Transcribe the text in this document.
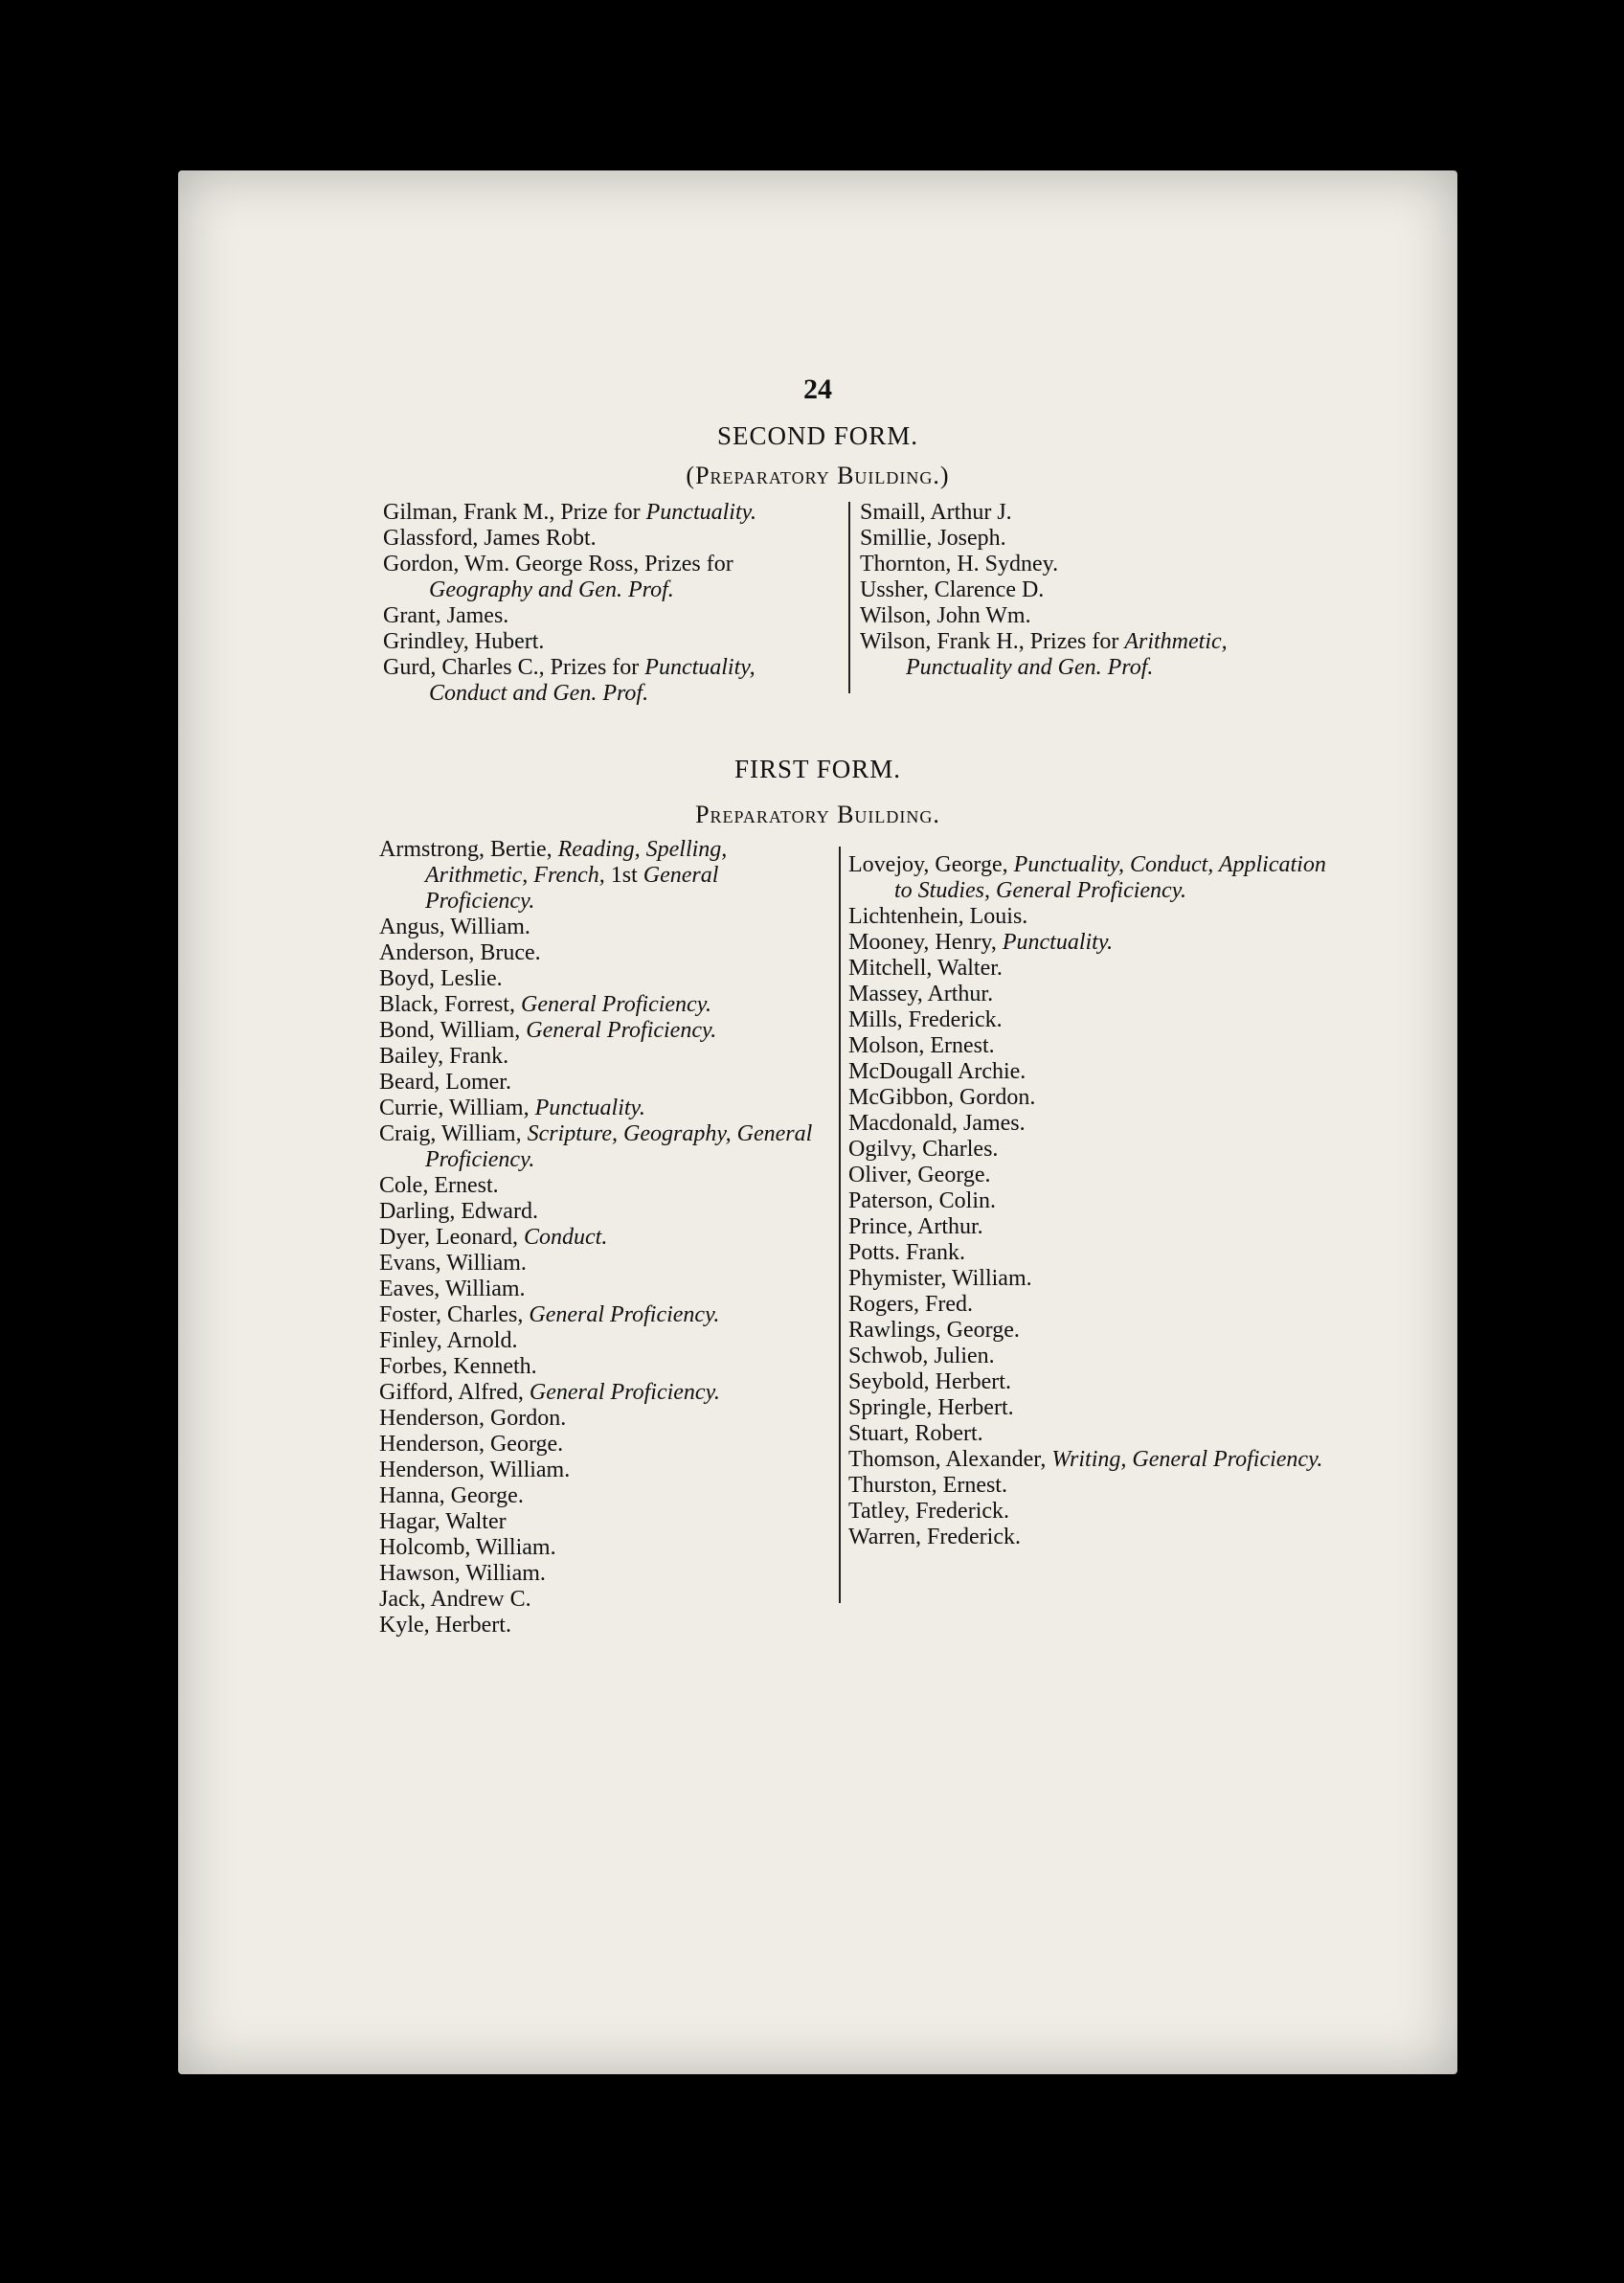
24
SECOND FORM.
(Preparatory Building.)
Gilman, Frank M., Prize for Punctuality.
Glassford, James Robt.
Gordon, Wm. George Ross, Prizes for Geography and Gen. Prof.
Grant, James.
Grindley, Hubert.
Gurd, Charles C., Prizes for Punctuality, Conduct and Gen. Prof.
Smaill, Arthur J.
Smillie, Joseph.
Thornton, H. Sydney.
Ussher, Clarence D.
Wilson, John Wm.
Wilson, Frank H., Prizes for Arithmetic, Punctuality and Gen. Prof.
FIRST FORM.
Preparatory Building.
Armstrong, Bertie, Reading, Spelling, Arithmetic, French, 1st General Proficiency.
Angus, William.
Anderson, Bruce.
Boyd, Leslie.
Black, Forrest, General Proficiency.
Bond, William, General Proficiency.
Bailey, Frank.
Beard, Lomer.
Currie, William, Punctuality.
Craig, William, Scripture, Geography, General Proficiency.
Cole, Ernest.
Darling, Edward.
Dyer, Leonard, Conduct.
Evans, William.
Eaves, William.
Foster, Charles, General Proficiency.
Finley, Arnold.
Forbes, Kenneth.
Gifford, Alfred, General Proficiency.
Henderson, Gordon.
Henderson, George.
Henderson, William.
Hanna, George.
Hagar, Walter
Holcomb, William.
Hawson, William.
Jack, Andrew C.
Kyle, Herbert.
Lovejoy, George, Punctuality, Conduct, Application to Studies, General Proficiency.
Lichtenhein, Louis.
Mooney, Henry, Punctuality.
Mitchell, Walter.
Massey, Arthur.
Mills, Frederick.
Molson, Ernest.
McDougall Archie.
McGibbon, Gordon.
Macdonald, James.
Ogilvy, Charles.
Oliver, George.
Paterson, Colin.
Prince, Arthur.
Potts. Frank.
Phymister, William.
Rogers, Fred.
Rawlings, George.
Schwob, Julien.
Seybold, Herbert.
Springle, Herbert.
Stuart, Robert.
Thomson, Alexander, Writing, General Proficiency.
Thurston, Ernest.
Tatley, Frederick.
Warren, Frederick.
